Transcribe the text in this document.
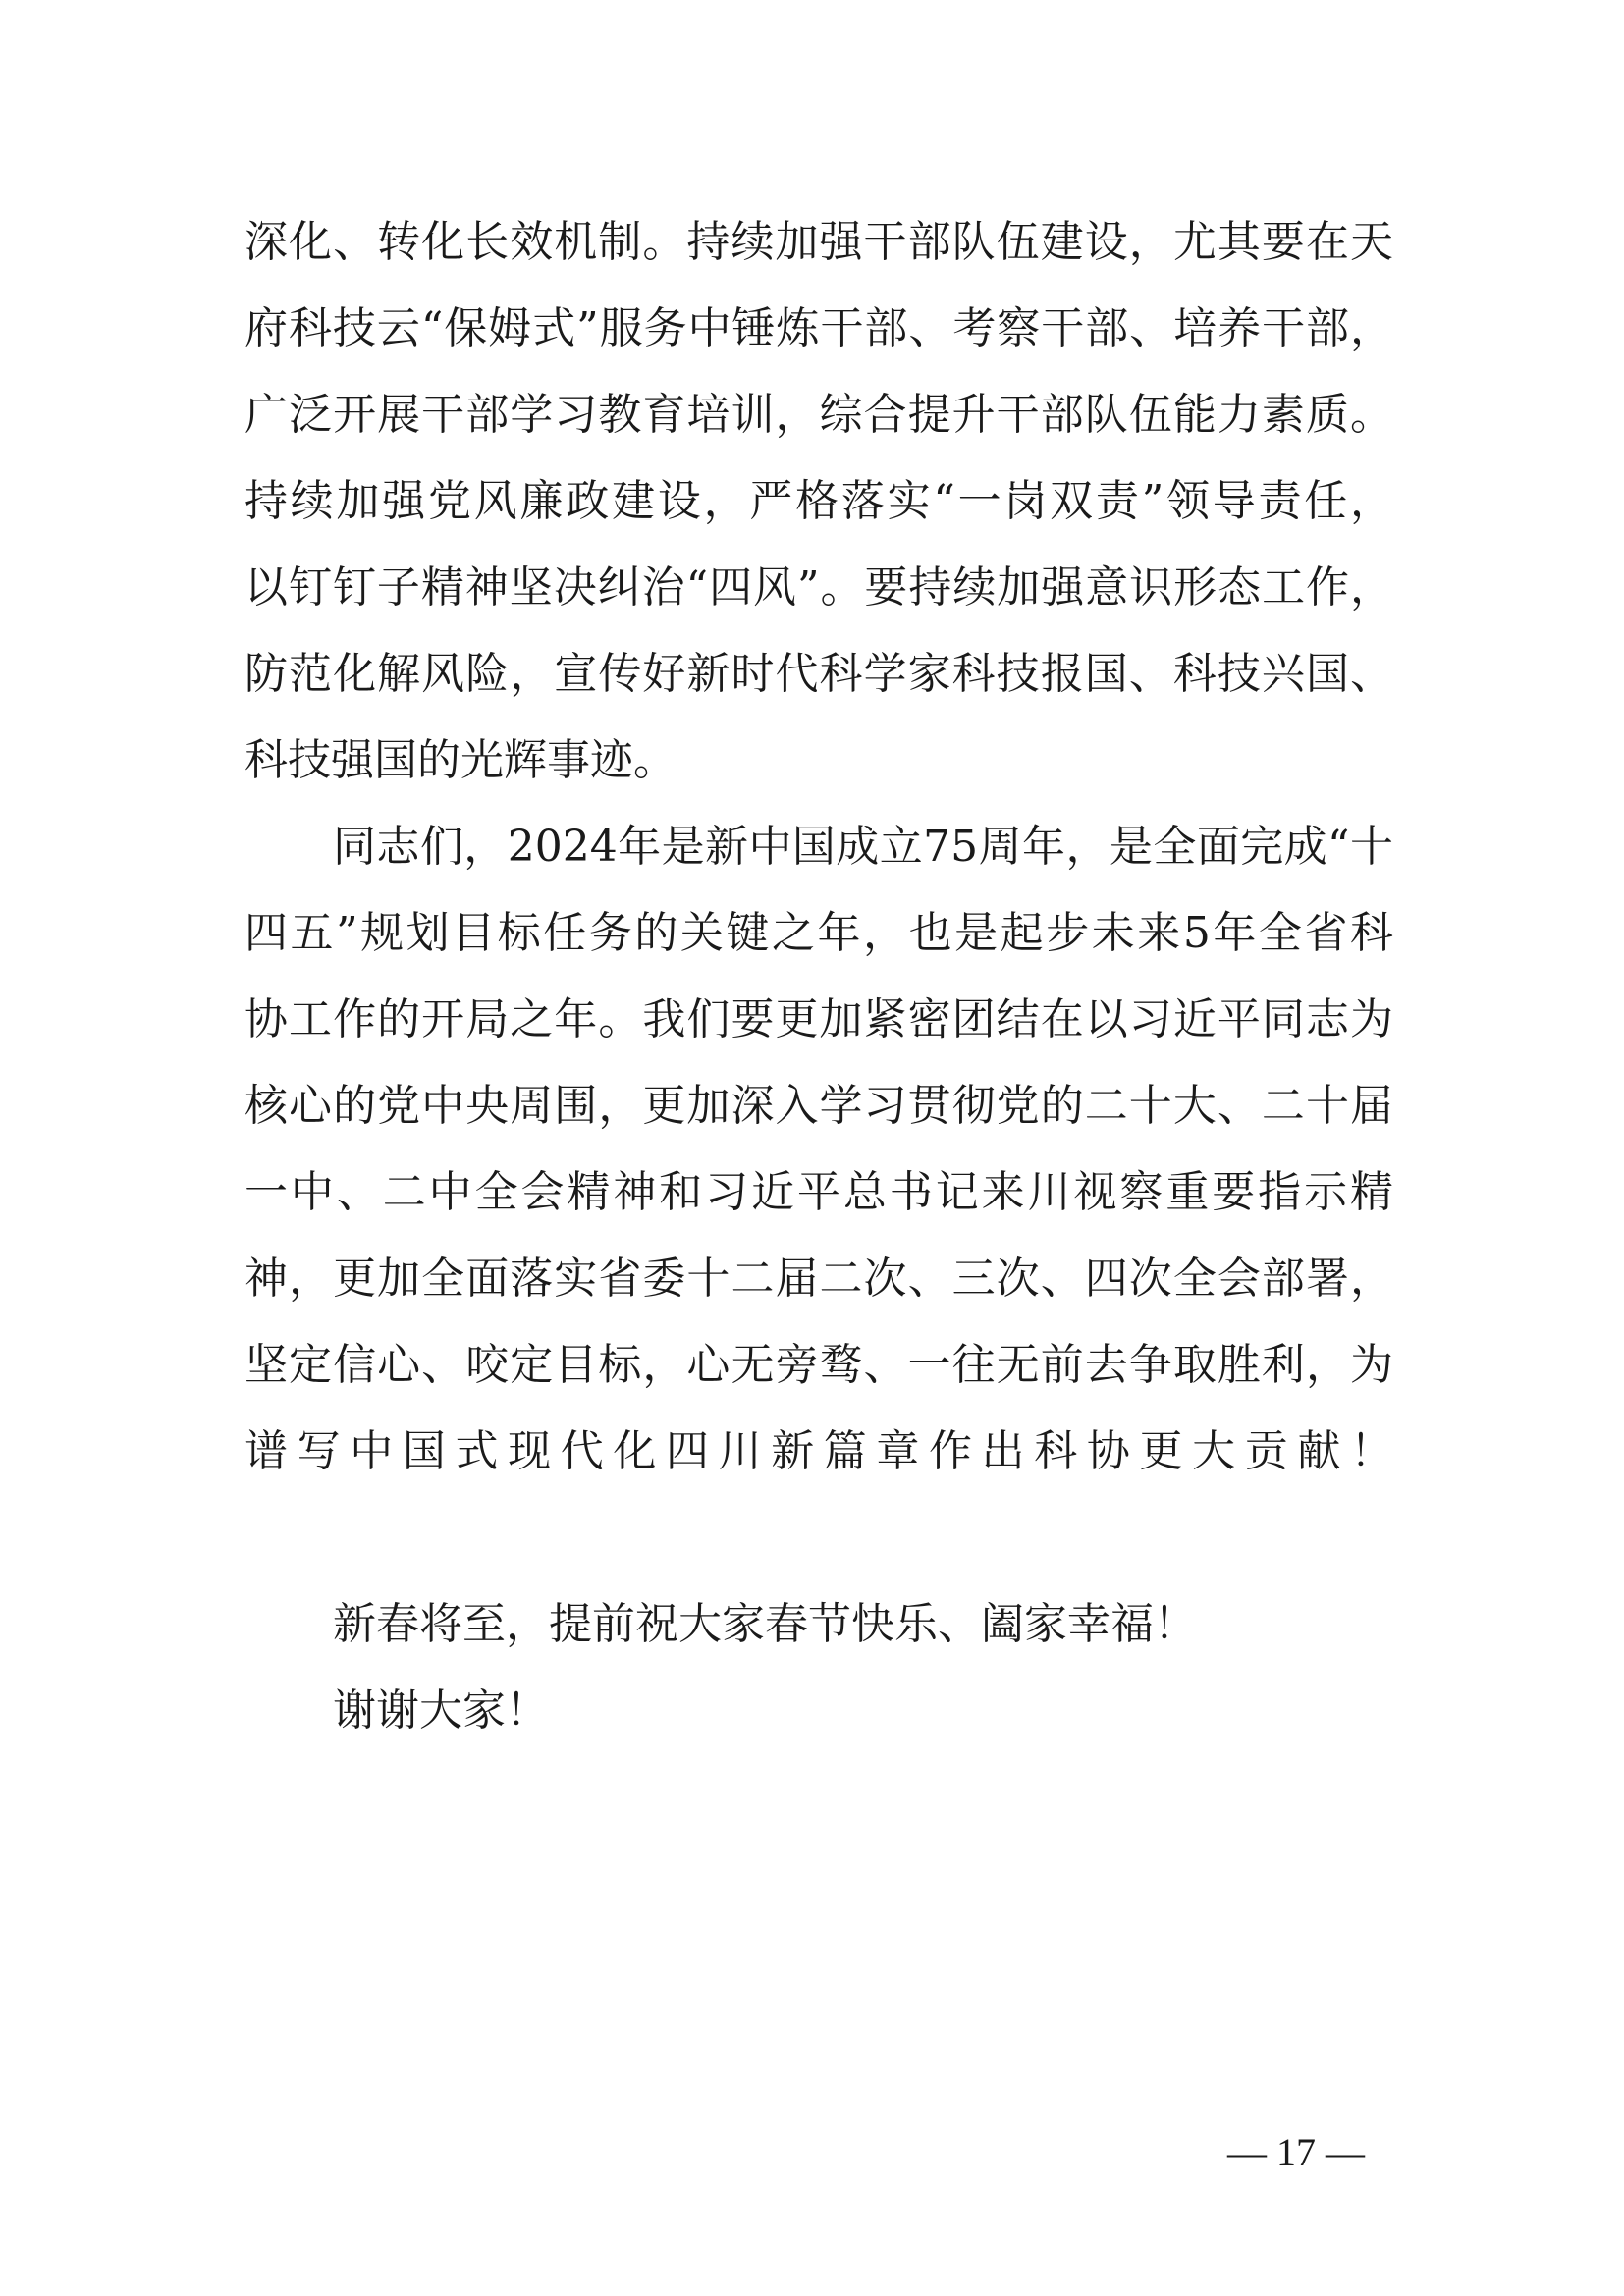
深化、转化长效机制。持续加强干部队伍建设，尤其要在天
府科技云“保姆式”服务中锤炼干部、考察干部、培养干部，
广泛开展干部学习教育培训，综合提升干部队伍能力素质。
持续加强党风廉政建设，严格落实“一岗双责”领导责任，
以钉钉子精神坚决纠治“四风”。要持续加强意识形态工作，
防范化解风险，宣传好新时代科学家科技报国、科技兴国、
科技强国的光辉事迹。
同志们，2024年是新中国成立75周年，是全面完成“十
四五”规划目标任务的关键之年，也是起步未来5年全省科
协工作的开局之年。我们要更加紧密团结在以习近平同志为
核心的党中央周围，更加深入学习贯彻党的二十大、二十届
一中、二中全会精神和习近平总书记来川视察重要指示精
神，更加全面落实省委十二届二次、三次、四次全会部署，
坚定信心、咬定目标，心无旁骛、一往无前去争取胜利，为
谱写中国式现代化四川新篇章作出科协更大贡献！
新春将至，提前祝大家春节快乐、阖家幸福！
谢谢大家！
— 17 —
